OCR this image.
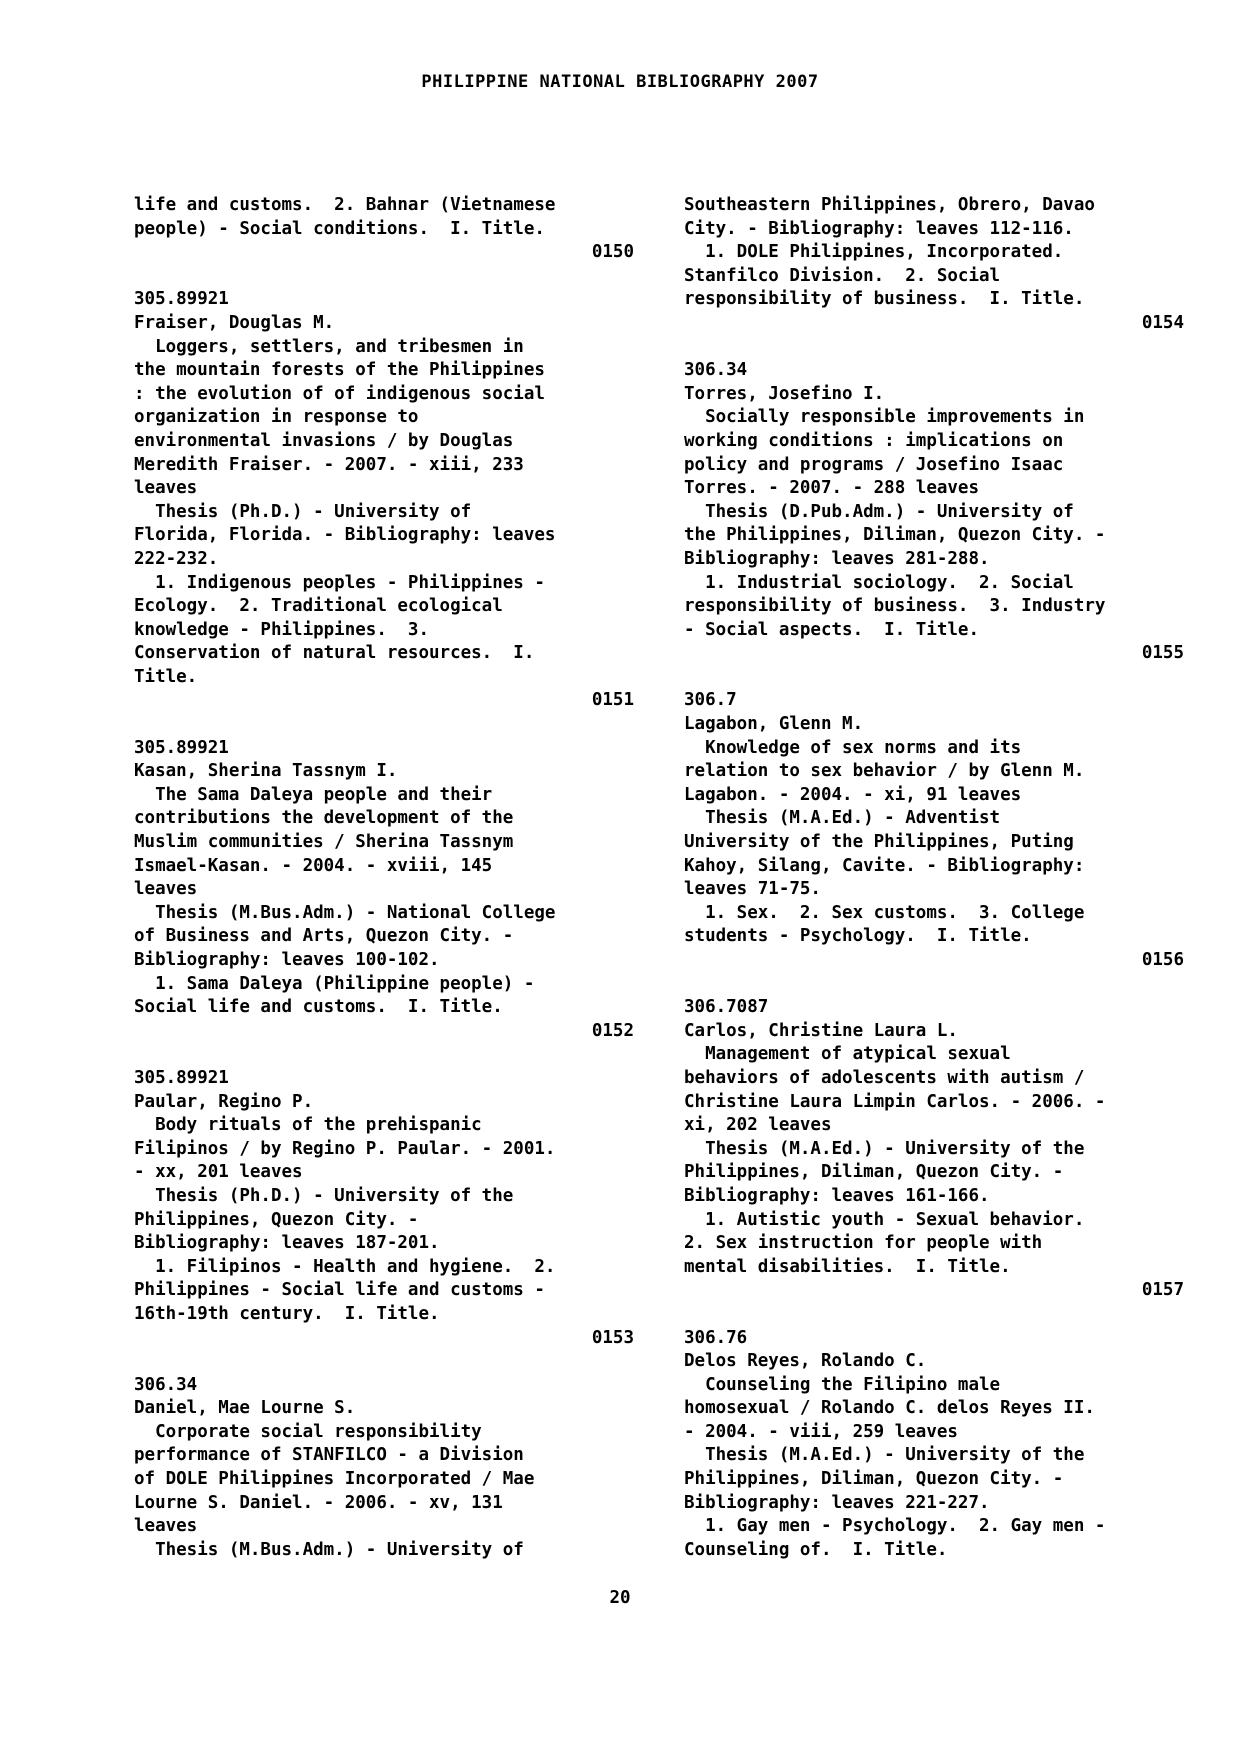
PHILIPPINE NATIONAL BIBLIOGRAPHY 2007
life and customs.  2. Bahnar (Vietnamese
people) - Social conditions.  I. Title.
0150
305.89921
Fraiser, Douglas M.
Loggers, settlers, and tribesmen in
the mountain forests of the Philippines
: the evolution of of indigenous social
organization in response to
environmental invasions / by Douglas
Meredith Fraiser. - 2007. - xiii, 233
leaves
Thesis (Ph.D.) - University of
Florida, Florida. - Bibliography: leaves
222-232.
1. Indigenous peoples - Philippines -
Ecology.  2. Traditional ecological
knowledge - Philippines.  3.
Conservation of natural resources.  I.
Title.
0151
305.89921
Kasan, Sherina Tassnym I.
The Sama Daleya people and their
contributions the development of the
Muslim communities / Sherina Tassnym
Ismael-Kasan. - 2004. - xviii, 145
leaves
Thesis (M.Bus.Adm.) - National College
of Business and Arts, Quezon City. -
Bibliography: leaves 100-102.
1. Sama Daleya (Philippine people) -
Social life and customs.  I. Title.
0152
305.89921
Paular, Regino P.
Body rituals of the prehispanic
Filipinos / by Regino P. Paular. - 2001.
- xx, 201 leaves
Thesis (Ph.D.) - University of the
Philippines, Quezon City. -
Bibliography: leaves 187-201.
1. Filipinos - Health and hygiene.  2.
Philippines - Social life and customs -
16th-19th century.  I. Title.
0153
306.34
Daniel, Mae Lourne S.
Corporate social responsibility
performance of STANFILCO - a Division
of DOLE Philippines Incorporated / Mae
Lourne S. Daniel. - 2006. - xv, 131
leaves
Thesis (M.Bus.Adm.) - University of
Southeastern Philippines, Obrero, Davao
City. - Bibliography: leaves 112-116.
1. DOLE Philippines, Incorporated.
Stanfilco Division.  2. Social
responsibility of business.  I. Title.
0154
306.34
Torres, Josefino I.
Socially responsible improvements in
working conditions : implications on
policy and programs / Josefino Isaac
Torres. - 2007. - 288 leaves
Thesis (D.Pub.Adm.) - University of
the Philippines, Diliman, Quezon City. -
Bibliography: leaves 281-288.
1. Industrial sociology.  2. Social
responsibility of business.  3. Industry
- Social aspects.  I. Title.
0155
306.7
Lagabon, Glenn M.
Knowledge of sex norms and its
relation to sex behavior / by Glenn M.
Lagabon. - 2004. - xi, 91 leaves
Thesis (M.A.Ed.) - Adventist
University of the Philippines, Puting
Kahoy, Silang, Cavite. - Bibliography:
leaves 71-75.
1. Sex.  2. Sex customs.  3. College
students - Psychology.  I. Title.
0156
306.7087
Carlos, Christine Laura L.
Management of atypical sexual
behaviors of adolescents with autism /
Christine Laura Limpin Carlos. - 2006. -
xi, 202 leaves
Thesis (M.A.Ed.) - University of the
Philippines, Diliman, Quezon City. -
Bibliography: leaves 161-166.
1. Autistic youth - Sexual behavior.
2. Sex instruction for people with
mental disabilities.  I. Title.
0157
306.76
Delos Reyes, Rolando C.
Counseling the Filipino male
homosexual / Rolando C. delos Reyes II.
- 2004. - viii, 259 leaves
Thesis (M.A.Ed.) - University of the
Philippines, Diliman, Quezon City. -
Bibliography: leaves 221-227.
1. Gay men - Psychology.  2. Gay men -
Counseling of.  I. Title.
20
